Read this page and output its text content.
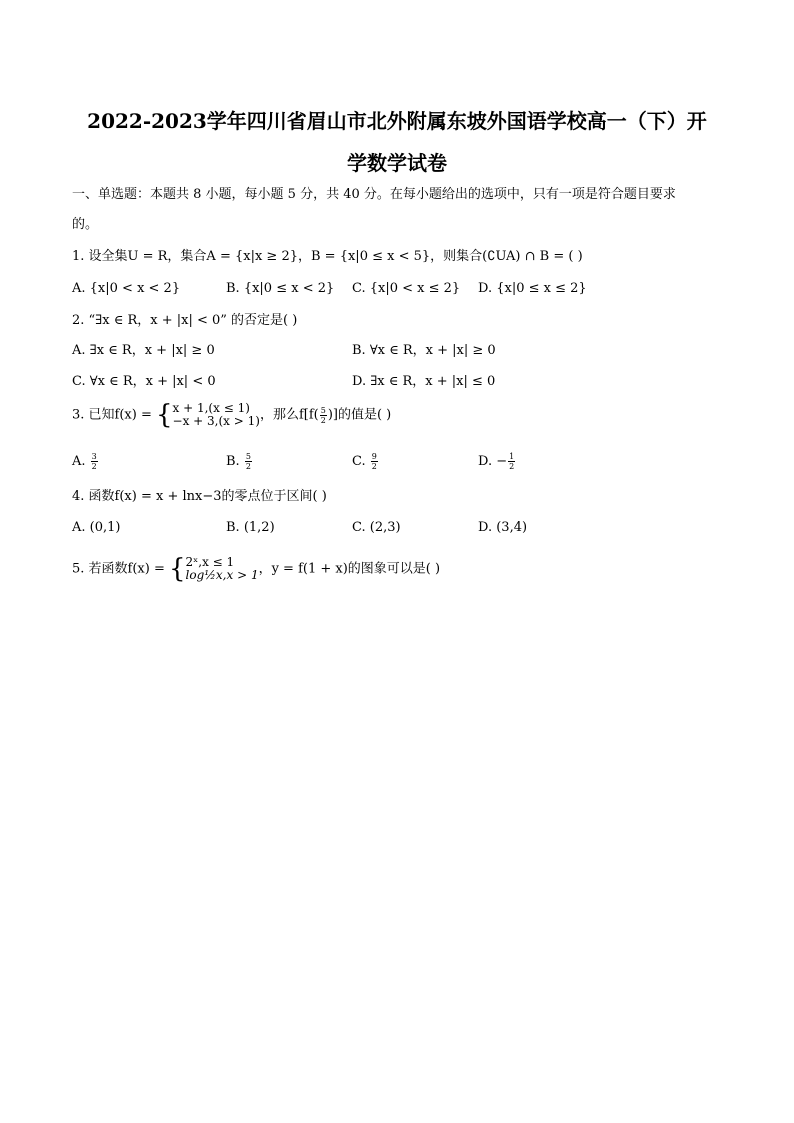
2022-2023学年四川省眉山市北外附属东坡外国语学校高一（下）开
学数学试卷
一、单选题：本题共 8 小题，每小题 5 分，共 40 分。在每小题给出的选项中，只有一项是符合题目要求
的。
1. 设全集U = R，集合A = {x|x ≥ 2}，B = {x|0 ≤ x < 5}，则集合(∁UA) ∩ B = ( )
A. {x|0 < x < 2}	B. {x|0 ≤ x < 2} C. {x|0 < x ≤ 2} D. {x|0 ≤ x ≤ 2}
2. “∃x ∈ R，x + |x| < 0” 的否定是( )
A. ∃x ∈ R，x + |x| ≥ 0	B. ∀x ∈ R，x + |x| ≥ 0
C. ∀x ∈ R，x + |x| < 0	D. ∃x ∈ R，x + |x| ≤ 0
3. 已知f(x) = { x + 1,(x ≤ 1)
−x + 3,(x > 1) ，那么$f[f( \frac{5}{2}$ )]的值是( )
A. $\frac{3}{2}$	B. $\frac{5}{2}$	C. $\frac{9}{2}$	D. − $\frac{1}{2}$
4. 函数f(x) = x + lnx−3的零点位于区间( )
A. (0,1)	B. (1,2)	C. (2,3)	D. (3,4)
5. 若函数f(x) = { 2ˣ,x ≤ 1
log½x,x > 1 ，y = f(1 + x)的图象可以是( )
